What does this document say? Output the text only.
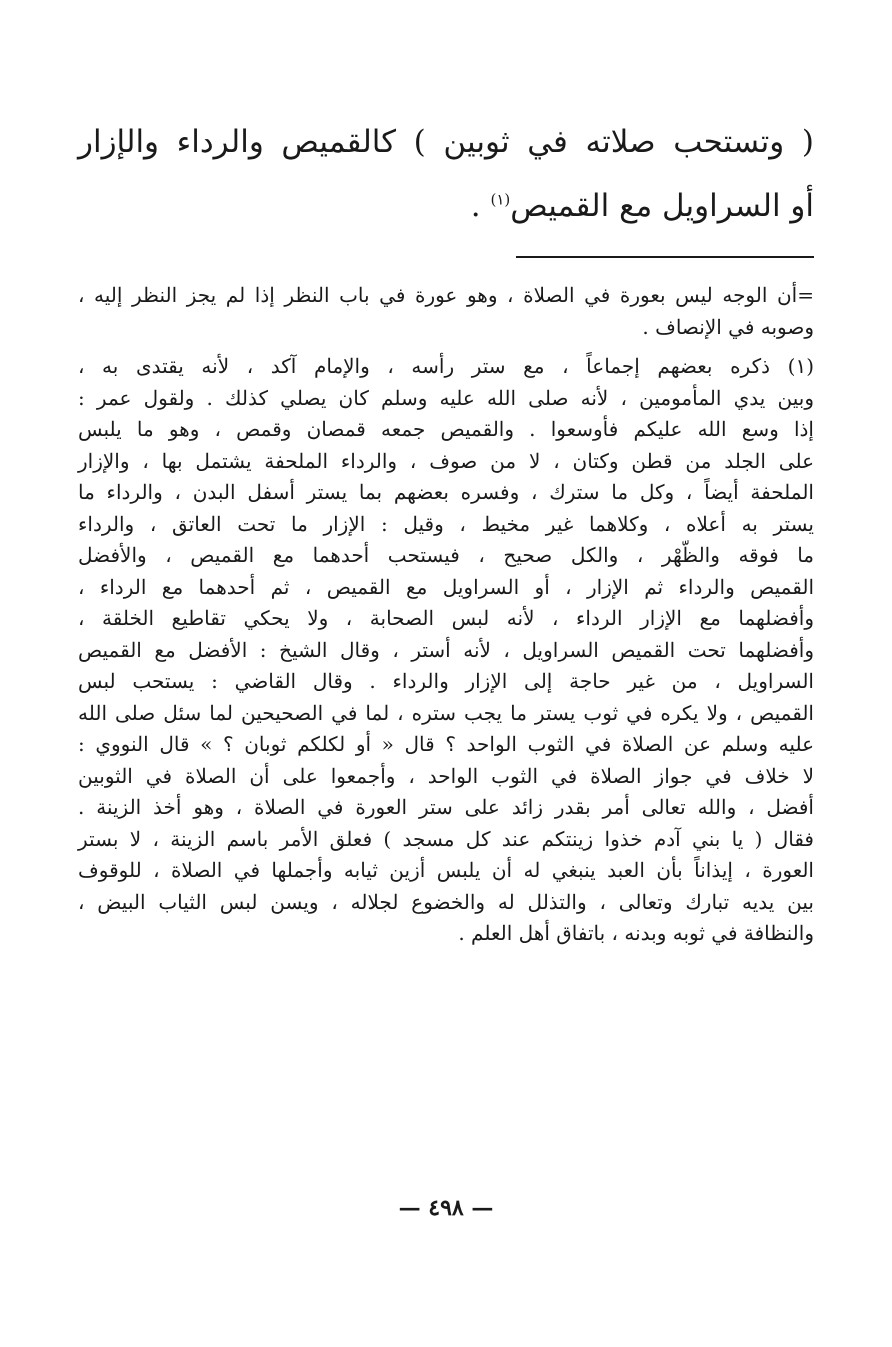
( وتستحب صلاته في ثوبين ) كالقميص والرداء والإزار
أو السراويل مع القميص$^{(١)}$ .
=أن الوجه ليس بعورة في الصلاة ، وهو عورة في باب النظر إذا لم يجز النظر إليه ،
وصوبه في الإنصاف .
(١) ذكره بعضهم إجماعاً ، مع ستر رأسه ، والإمام آكد ، لأنه يقتدى به ،
وبين يدي المأمومين ، لأنه صلى الله عليه وسلم كان يصلي كذلك . ولقول عمر :
إذا وسع الله عليكم فأوسعوا . والقميص جمعه قمصان وقمص ، وهو ما يلبس
على الجلد من قطن وكتان ، لا من صوف ، والرداء الملحفة يشتمل بها ، والإزار
الملحفة أيضاً ، وكل ما سترك ، وفسره بعضهم بما يستر أسفل البدن ، والرداء ما
يستر به أعلاه ، وكلاهما غير مخيط ، وقيل : الإزار ما تحت العاتق ، والرداء
ما فوقه والظّهْر ، والكل صحيح ، فيستحب أحدهما مع القميص ، والأفضل
القميص والرداء ثم الإزار ، أو السراويل مع القميص ، ثم أحدهما مع الرداء ،
وأفضلهما مع الإزار الرداء ، لأنه لبس الصحابة ، ولا يحكي تقاطيع الخلقة ،
وأفضلهما تحت القميص السراويل ، لأنه أستر ، وقال الشيخ : الأفضل مع القميص
السراويل ، من غير حاجة إلى الإزار والرداء . وقال القاضي : يستحب لبس
القميص ، ولا يكره في ثوب يستر ما يجب ستره ، لما في الصحيحين لما سئل صلى الله
عليه وسلم عن الصلاة في الثوب الواحد ؟ قال « أو لكلكم ثوبان ؟ » قال النووي :
لا خلاف في جواز الصلاة في الثوب الواحد ، وأجمعوا على أن الصلاة في الثوبين
أفضل ، والله تعالى أمر بقدر زائد على ستر العورة في الصلاة ، وهو أخذ الزينة .
فقال ( يا بني آدم خذوا زينتكم عند كل مسجد ) فعلق الأمر باسم الزينة ، لا بستر
العورة ، إيذاناً بأن العبد ينبغي له أن يلبس أزين ثيابه وأجملها في الصلاة ، للوقوف
بين يديه تبارك وتعالى ، والتذلل له والخضوع لجلاله ، ويسن لبس الثياب البيض ،
والنظافة في ثوبه وبدنه ، باتفاق أهل العلم .
— ٤٩٨ —
